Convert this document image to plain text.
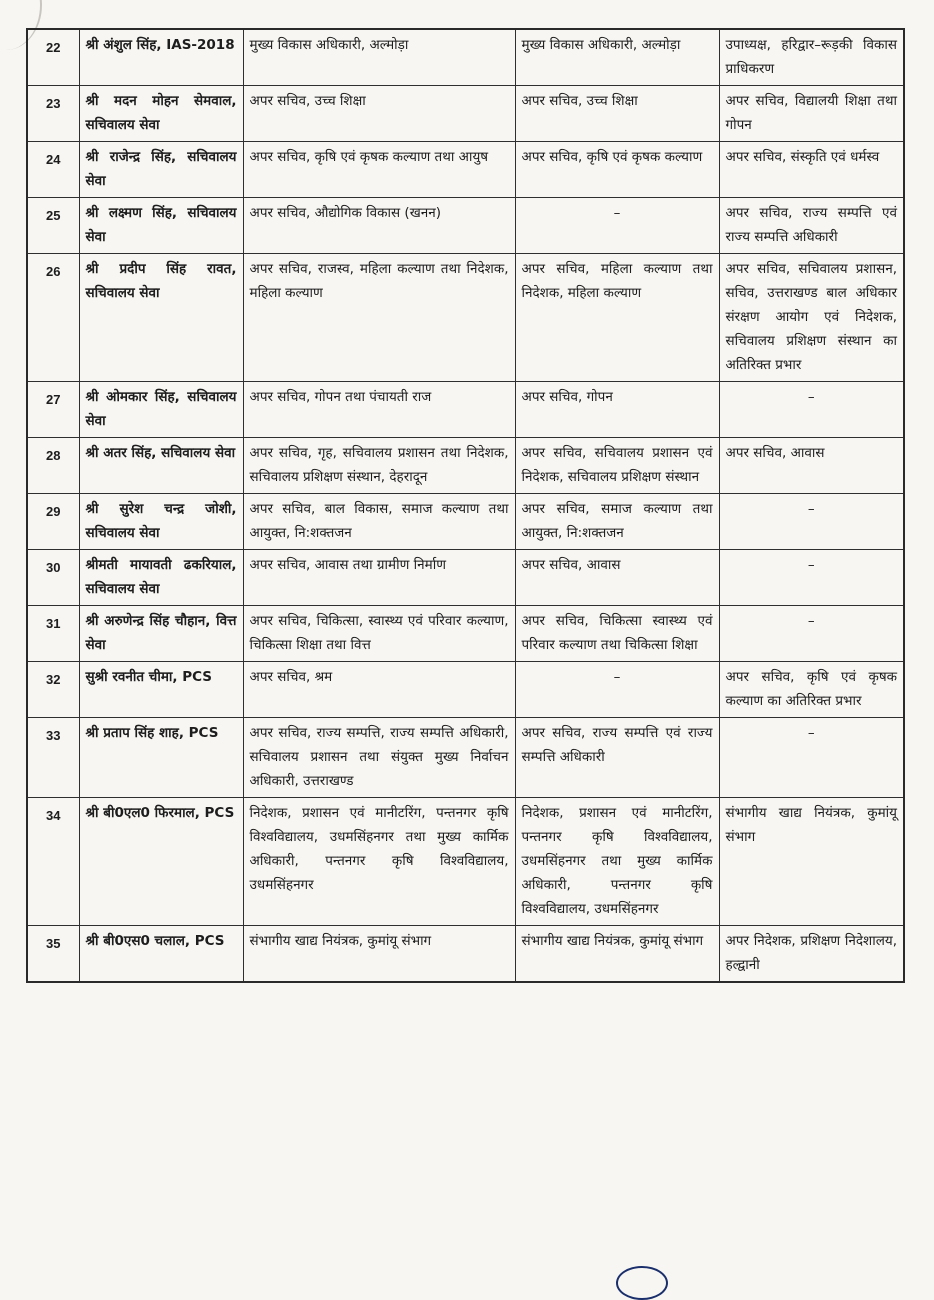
22	श्री अंशुल सिंह, IAS-2018	मुख्य विकास अधिकारी, अल्मोड़ा	मुख्य विकास अधिकारी, अल्मोड़ा	उपाध्यक्ष, हरिद्वार–रूड़की विकास प्राधिकरण
23	श्री मदन मोहन सेमवाल, सचिवालय सेवा	अपर सचिव, उच्च शिक्षा	अपर सचिव, उच्च शिक्षा	अपर सचिव, विद्यालयी शिक्षा तथा गोपन
24	श्री राजेन्द्र सिंह, सचिवालय सेवा	अपर सचिव, कृषि एवं कृषक कल्याण तथा आयुष	अपर सचिव, कृषि एवं कृषक कल्याण	अपर सचिव, संस्कृति एवं धर्मस्व
25	श्री लक्ष्मण सिंह, सचिवालय सेवा	अपर सचिव, औद्योगिक विकास (खनन)	–	अपर सचिव, राज्य सम्पत्ति एवं राज्य सम्पत्ति अधिकारी
26	श्री प्रदीप सिंह रावत, सचिवालय सेवा	अपर सचिव, राजस्व, महिला कल्याण तथा निदेशक, महिला कल्याण	अपर सचिव, महिला कल्याण तथा निदेशक, महिला कल्याण	अपर सचिव, सचिवालय प्रशासन, सचिव, उत्तराखण्ड बाल अधिकार संरक्षण आयोग एवं निदेशक, सचिवालय प्रशिक्षण संस्थान का अतिरिक्त प्रभार
27	श्री ओमकार सिंह, सचिवालय सेवा	अपर सचिव, गोपन तथा पंचायती राज	अपर सचिव, गोपन	–
28	श्री अतर सिंह, सचिवालय सेवा	अपर सचिव, गृह, सचिवालय प्रशासन तथा निदेशक, सचिवालय प्रशिक्षण संस्थान, देहरादून	अपर सचिव, सचिवालय प्रशासन एवं निदेशक, सचिवालय प्रशिक्षण संस्थान	अपर सचिव, आवास
29	श्री सुरेश चन्द्र जोशी, सचिवालय सेवा	अपर सचिव, बाल विकास, समाज कल्याण तथा आयुक्त, नि:शक्तजन	अपर सचिव, समाज कल्याण तथा आयुक्त, नि:शक्तजन	–
30	श्रीमती मायावती ढकरियाल, सचिवालय सेवा	अपर सचिव, आवास तथा ग्रामीण निर्माण	अपर सचिव, आवास	–
31	श्री अरुणेन्द्र सिंह चौहान, वित्त सेवा	अपर सचिव, चिकित्सा, स्वास्थ्य एवं परिवार कल्याण, चिकित्सा शिक्षा तथा वित्त	अपर सचिव, चिकित्सा स्वास्थ्य एवं परिवार कल्याण तथा चिकित्सा शिक्षा	–
32	सुश्री रवनीत चीमा, PCS	अपर सचिव, श्रम	–	अपर सचिव, कृषि एवं कृषक कल्याण का अतिरिक्त प्रभार
33	श्री प्रताप सिंह शाह, PCS	अपर सचिव, राज्य सम्पत्ति, राज्य सम्पत्ति अधिकारी, सचिवालय प्रशासन तथा संयुक्त मुख्य निर्वाचन अधिकारी, उत्तराखण्ड	अपर सचिव, राज्य सम्पत्ति एवं राज्य सम्पत्ति अधिकारी	–
34	श्री बी0एल0 फिरमाल, PCS	निदेशक, प्रशासन एवं मानीटरिंग, पन्तनगर कृषि विश्वविद्यालय, उधमसिंहनगर तथा मुख्य कार्मिक अधिकारी, पन्तनगर कृषि विश्वविद्यालय, उधमसिंहनगर	निदेशक, प्रशासन एवं मानीटरिंग, पन्तनगर कृषि विश्वविद्यालय, उधमसिंहनगर तथा मुख्य कार्मिक अधिकारी, पन्तनगर कृषि विश्वविद्यालय, उधमसिंहनगर	संभागीय खाद्य नियंत्रक, कुमांयू संभाग
35	श्री बी0एस0 चलाल, PCS	संभागीय खाद्य नियंत्रक, कुमांयू संभाग	संभागीय खाद्य नियंत्रक, कुमांयू संभाग	अपर निदेशक, प्रशिक्षण निदेशालय, हल्द्वानी
